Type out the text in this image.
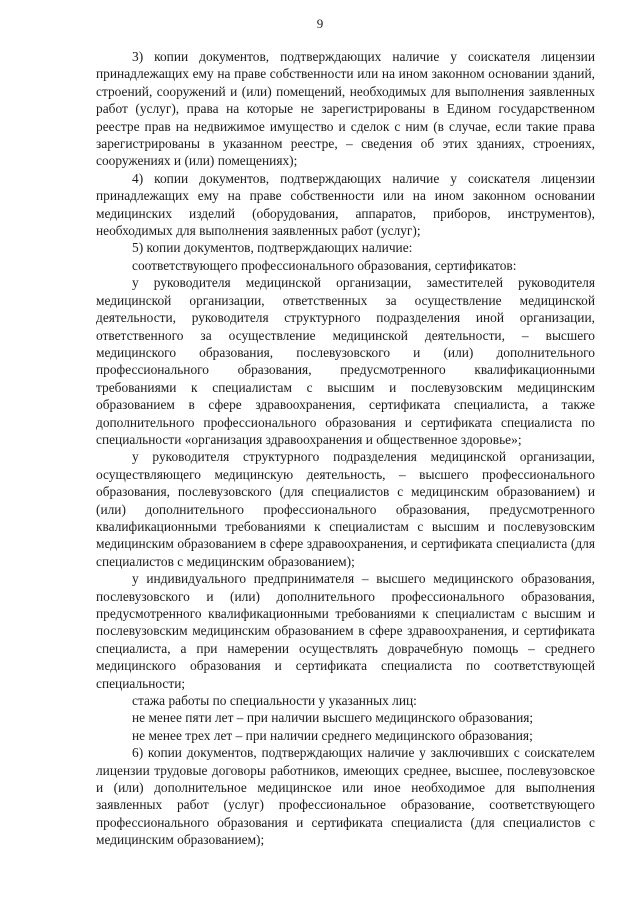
9

3) копии документов, подтверждающих наличие у соискателя лицензии принадлежащих ему на праве собственности или на ином законном основании зданий, строений, сооружений и (или) помещений, необходимых для выполнения заявленных работ (услуг), права на которые не зарегистрированы в Едином государственном реестре прав на недвижимое имущество и сделок с ним (в случае, если такие права зарегистрированы в указанном реестре, – сведения об этих зданиях, строениях, сооружениях и (или) помещениях);

4) копии документов, подтверждающих наличие у соискателя лицензии принадлежащих ему на праве собственности или на ином законном основании медицинских изделий (оборудования, аппаратов, приборов, инструментов), необходимых для выполнения заявленных работ (услуг);

5) копии документов, подтверждающих наличие:

соответствующего профессионального образования, сертификатов:

у руководителя медицинской организации, заместителей руководителя медицинской организации, ответственных за осуществление медицинской деятельности, руководителя структурного подразделения иной организации, ответственного за осуществление медицинской деятельности, – высшего медицинского образования, послевузовского и (или) дополнительного профессионального образования, предусмотренного квалификационными требованиями к специалистам с высшим и послевузовским медицинским образованием в сфере здравоохранения, сертификата специалиста, а также дополнительного профессионального образования и сертификата специалиста по специальности «организация здравоохранения и общественное здоровье»;

у руководителя структурного подразделения медицинской организации, осуществляющего медицинскую деятельность, – высшего профессионального образования, послевузовского (для специалистов с медицинским образованием) и (или) дополнительного профессионального образования, предусмотренного квалификационными требованиями к специалистам с высшим и послевузовским медицинским образованием в сфере здравоохранения, и сертификата специалиста (для специалистов с медицинским образованием);

у индивидуального предпринимателя – высшего медицинского образования, послевузовского и (или) дополнительного профессионального образования, предусмотренного квалификационными требованиями к специалистам с высшим и послевузовским медицинским образованием в сфере здравоохранения, и сертификата специалиста, а при намерении осуществлять доврачебную помощь – среднего медицинского образования и сертификата специалиста по соответствующей специальности;

стажа работы по специальности у указанных лиц:

не менее пяти лет – при наличии высшего медицинского образования;

не менее трех лет – при наличии среднего медицинского образования;

6) копии документов, подтверждающих наличие у заключивших с соискателем лицензии трудовые договоры работников, имеющих среднее, высшее, послевузовское и (или) дополнительное медицинское или иное необходимое для выполнения заявленных работ (услуг) профессиональное образование, соответствующего профессионального образования и сертификата специалиста (для специалистов с медицинским образованием);
